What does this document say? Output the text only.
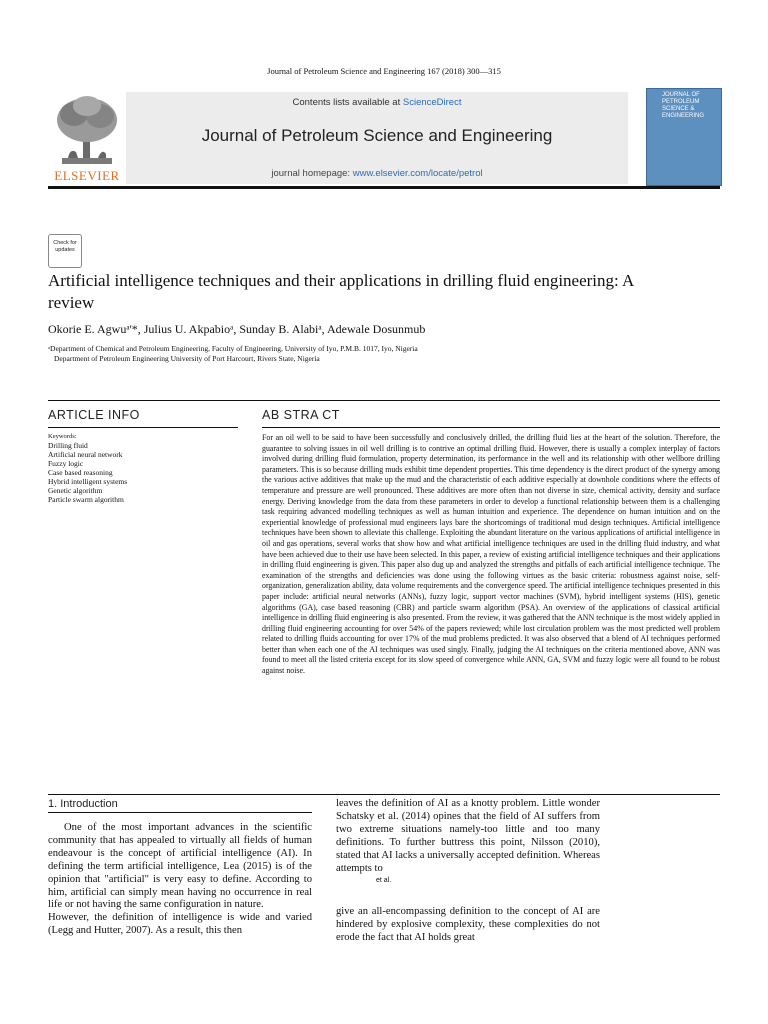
Journal of Petroleum Science and Engineering 167 (2018) 300—315
ELSEVIER
Contents lists available at ScienceDirect
Journal of Petroleum Science and Engineering
journal homepage: www.elsevier.com/locate/petrol
JOURNAL OF PETROLEUM SCIENCE & ENGINEERING
Check for updates
Artificial intelligence techniques and their applications in drilling fluid engineering: A review
Okorie E. Agwuᵃ'*, Julius U. Akpabioᵃ, Sunday B. Alabiᵃ, Adewale Dosunmub
ᵃDepartment of Chemical and Petroleum Engineering, Faculty of Engineering, University of Iyo, P.M.B. 1017, Iyo, Nigeria
Department of Petroleum Engineering University of Port Harcourt, Rivers State, Nigeria
ARTICLE INFO	AB STRA CT
Keywords:
Drilling fluid
Artificial neural network
Fuzzy logic
Case based reasoning
Hybrid intelligent systems
Genetic algorithm
Particle swarm algorithm
For an oil well to be said to have been successfully and conclusively drilled, the drilling fluid lies at the heart of the solution. Therefore, the guarantee to solving issues in oil well drilling is to contrive an optimal drilling fluid. However, there is usually a complex interplay of factors involved during drilling fluid formulation, property determination, its performance in the well and its relationship with other wellbore drilling parameters. This is so because drilling muds exhibit time dependent properties. This time dependency is the direct product of the synergy among the various active additives that make up the mud and the characteristic of each additive especially at downhole conditions where the effects of temperature and pressure are well pronounced. These additives are more often than not diverse in size, chemical activity, density and surface energy. Deriving knowledge from the data from these parameters in order to develop a functional relationship between them is a challenging task requiring advanced modelling techniques as well as human intuition and experience. The dependence on human intuition and on the experiential knowledge of professional mud engineers lays bare the shortcomings of traditional mud design techniques. Artificial intelligence techniques have been shown to alleviate this challenge. Exploiting the abundant literature on the various applications of artificial intelligence in oil and gas operations, several works that show how and what artificial intelligence techniques are used in the drilling fluid industry, and what have been achieved due to their use have been selected. In this paper, a review of existing artificial intelligence techniques and their applications in drilling fluid engineering is given. This paper also dug up and analyzed the strengths and pitfalls of each artificial intelligence technique. The examination of the strengths and deficiencies was done using the following virtues as the basic criteria: robustness against noise, self-organization, generalization ability, data volume requirements and the convergence speed. The artificial intelligence techniques presented in this paper include: artificial neural networks (ANNs), fuzzy logic, support vector machines (SVM), hybrid intelligent systems (HIS), genetic algorithms (GA), case based reasoning (CBR) and particle swarm algorithm (PSA). An overview of the applications of classical artificial intelligence in drilling fluid engineering is also presented. From the review, it was gathered that the ANN technique is the most widely applied in drilling fluid engineering accounting for over 54% of the papers reviewed; while lost circulation problem was the most predicted well problem related to drilling fluids accounting for over 17% of the mud problems predicted. It was also observed that a blend of AI techniques performed better than when each one of the AI techniques was used singly. Finally, judging the AI techniques on the criteria mentioned above, ANN was found to meet all the listed criteria except for its slow speed of convergence while ANN, GA, SVM and fuzzy logic were all found to be robust against noise.
1. Introduction

One of the most important advances in the scientific community that has appealed to virtually all fields of human endeavour is the concept of artificial intelligence (AI). In defining the term artificial intelligence, Lea (2015) is of the opinion that "artificial" is very easy to define. According to him, artificial can simply mean having no occurrence in real life or not having the same configuration in nature.

However, the definition of intelligence is wide and varied (Legg and Hutter, 2007). As a result, this then

leaves the definition of AI as a knotty problem. Little wonder Schatsky et al. (2014) opines that the field of AI suffers from two extreme situations namely-too little and too many definitions. To further buttress this point, Nilsson (2010), stated that AI lacks a universally accepted definition. Whereas attempts to
et al.
give an all-encompassing definition to the concept of AI are hindered by explosive complexity, these complexities do not erode the fact that AI holds great
